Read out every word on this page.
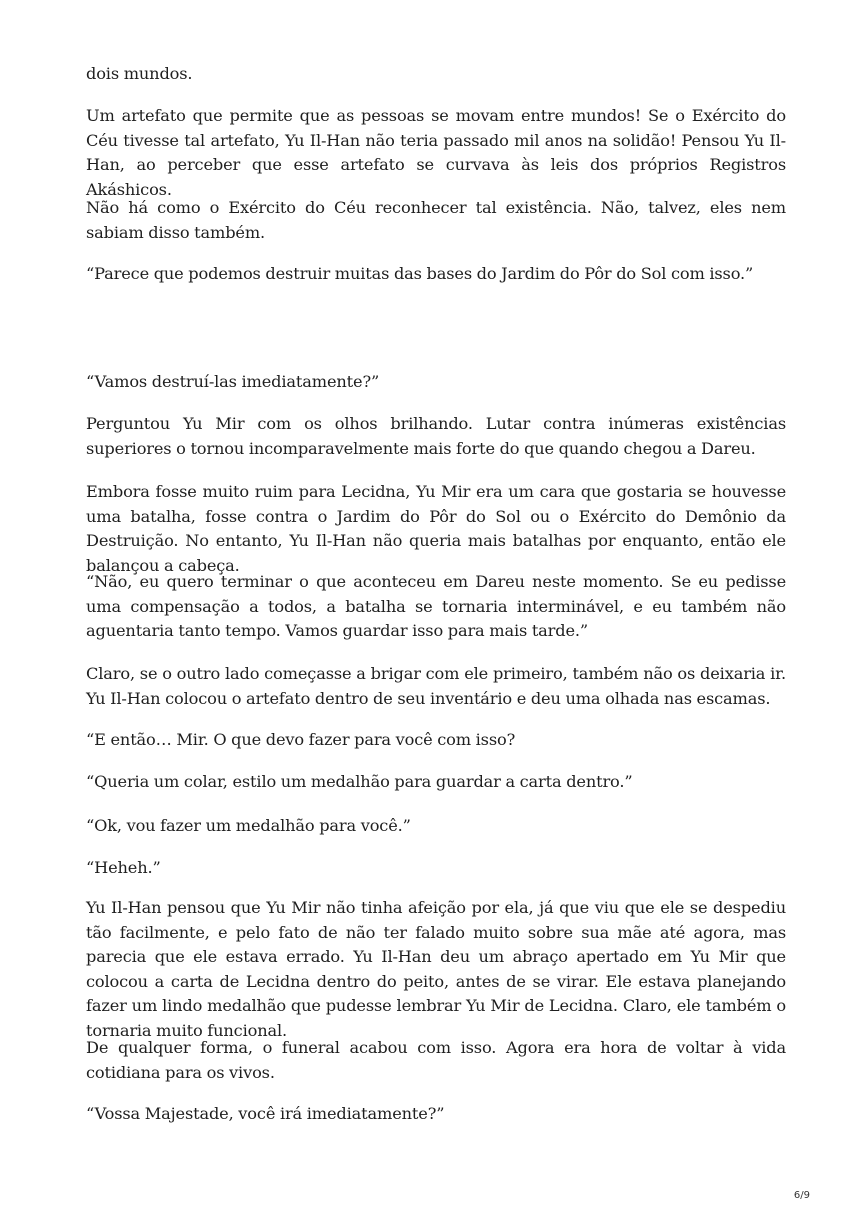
dois mundos.

Um artefato que permite que as pessoas se movam entre mundos! Se o Exército do Céu tivesse tal artefato, Yu Il-Han não teria passado mil anos na solidão! Pensou Yu Il-Han, ao perceber que esse artefato se curvava às leis dos próprios Registros Akáshicos.

Não há como o Exército do Céu reconhecer tal existência. Não, talvez, eles nem sabiam disso também.

“Parece que podemos destruir muitas das bases do Jardim do Pôr do Sol com isso.”

“Vamos destruí-las imediatamente?”

Perguntou Yu Mir com os olhos brilhando. Lutar contra inúmeras existências superiores o tornou incomparavelmente mais forte do que quando chegou a Dareu.

Embora fosse muito ruim para Lecidna, Yu Mir era um cara que gostaria se houvesse uma batalha, fosse contra o Jardim do Pôr do Sol ou o Exército do Demônio da Destruição. No entanto, Yu Il-Han não queria mais batalhas por enquanto, então ele balançou a cabeça.

“Não, eu quero terminar o que aconteceu em Dareu neste momento. Se eu pedisse uma compensação a todos, a batalha se tornaria interminável, e eu também não aguentaria tanto tempo. Vamos guardar isso para mais tarde.”

Claro, se o outro lado começasse a brigar com ele primeiro, também não os deixaria ir. Yu Il-Han colocou o artefato dentro de seu inventário e deu uma olhada nas escamas.

“E então… Mir. O que devo fazer para você com isso?

“Queria um colar, estilo um medalhão para guardar a carta dentro.”

“Ok, vou fazer um medalhão para você.”

“Heheh.”

Yu Il-Han pensou que Yu Mir não tinha afeição por ela, já que viu que ele se despediu tão facilmente, e pelo fato de não ter falado muito sobre sua mãe até agora, mas parecia que ele estava errado. Yu Il-Han deu um abraço apertado em Yu Mir que colocou a carta de Lecidna dentro do peito, antes de se virar. Ele estava planejando fazer um lindo medalhão que pudesse lembrar Yu Mir de Lecidna. Claro, ele também o tornaria muito funcional.

De qualquer forma, o funeral acabou com isso. Agora era hora de voltar à vida cotidiana para os vivos.

“Vossa Majestade, você irá imediatamente?”

6/9
